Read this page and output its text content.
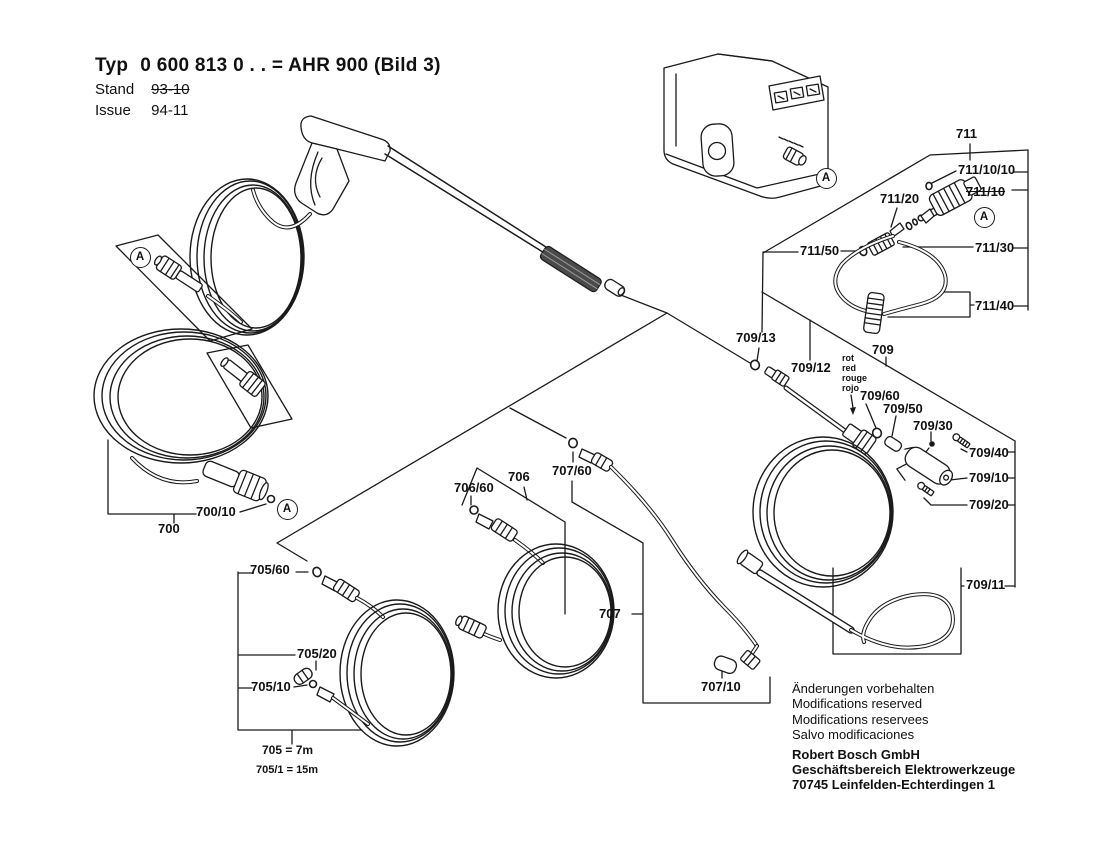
Typ 0 600 813 0 . . = AHR 900 (Bild 3)
Stand 93-10
Issue 94-11
711
711/10/10
711/10
711/20
711/50	711/30
711/40
709/13
709/12
709
709/60
709/50
709/30
709/40
709/10
709/20
709/11
707/60
707
707/10
706/60
706
700/10
700
705/60
705/20
705/10
705 = 7m
705/1 = 15m
A
A
A
A
rot
red
rouge
rojo
Änderungen vorbehalten
Modifications reserved
Modifications reservees
Salvo modificaciones
Robert Bosch GmbH
Geschäftsbereich Elektrowerkzeuge
70745 Leinfelden-Echterdingen 1
